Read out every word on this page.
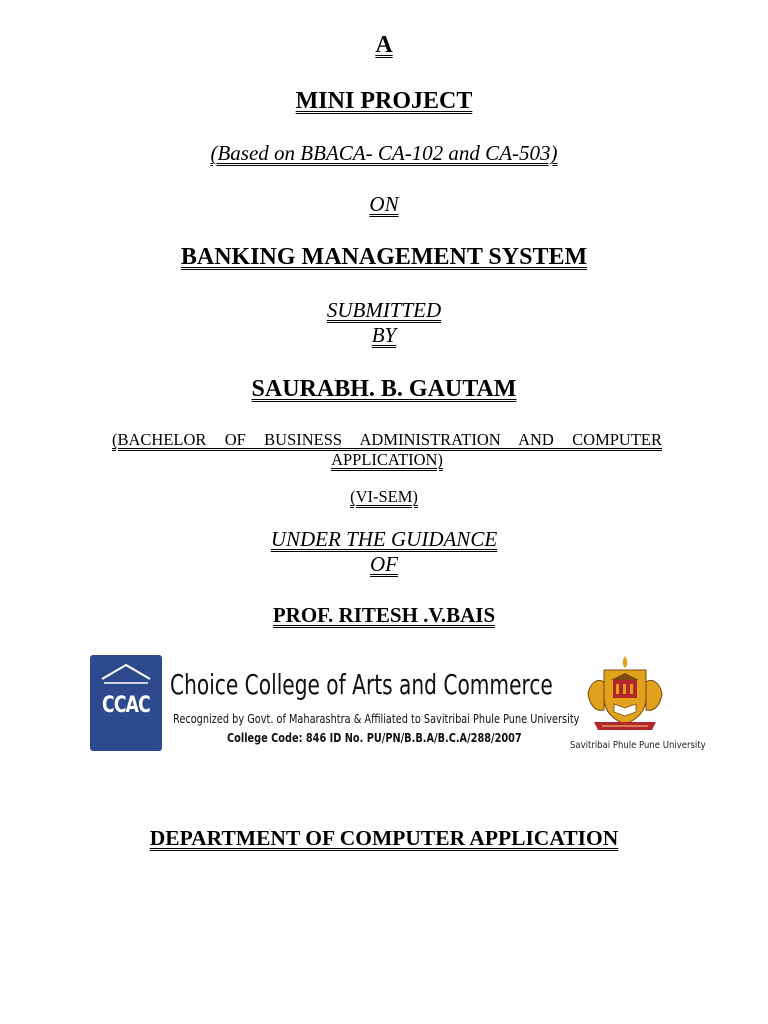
A
MINI PROJECT
(Based on BBACA- CA-102 and CA-503)
ON
BANKING MANAGEMENT SYSTEM
SUBMITTED
BY
SAURABH. B. GAUTAM
(BACHELOR OF BUSINESS ADMINISTRATION AND COMPUTER APPLICATION)
(VI-SEM)
UNDER THE GUIDANCE
OF
PROF. RITESH .V.BAIS
CCAC
Choice College of Arts and Commerce
Recognized by Govt. of Maharashtra & Affiliated to Savitribai Phule Pune University
College Code: 846 ID No. PU/PN/B.B.A/B.C.A/288/2007
Savitribai Phule Pune University
DEPARTMENT OF COMPUTER APPLICATION
